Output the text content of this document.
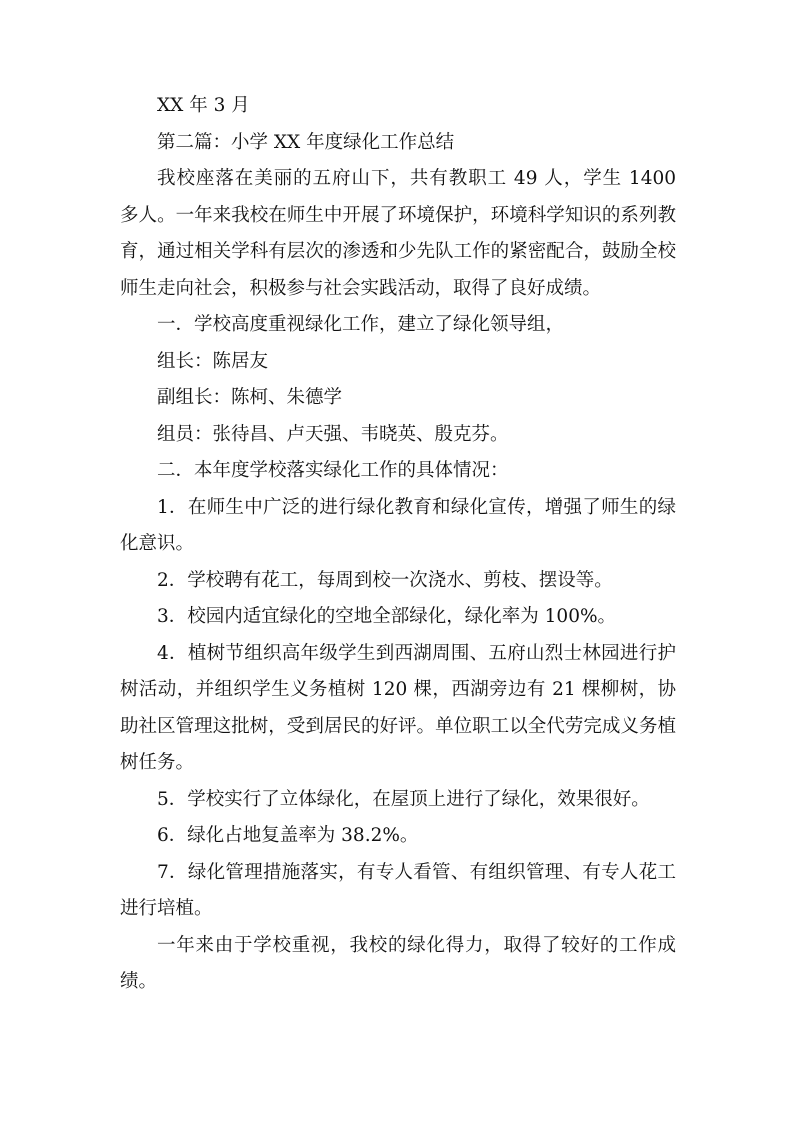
XX 年 3 月

第二篇：小学 XX 年度绿化工作总结

我校座落在美丽的五府山下，共有教职工 49 人，学生 1400 多人。一年来我校在师生中开展了环境保护，环境科学知识的系列教育，通过相关学科有层次的渗透和少先队工作的紧密配合，鼓励全校师生走向社会，积极参与社会实践活动，取得了良好成绩。

一．学校高度重视绿化工作，建立了绿化领导组，

组长：陈居友

副组长：陈柯、朱德学

组员：张待昌、卢天强、韦晓英、殷克芬。

二．本年度学校落实绿化工作的具体情况：

1．在师生中广泛的进行绿化教育和绿化宣传，增强了师生的绿化意识。

2．学校聘有花工，每周到校一次浇水、剪枝、摆设等。

3．校园内适宜绿化的空地全部绿化，绿化率为 100%。

4．植树节组织高年级学生到西湖周围、五府山烈士林园进行护树活动，并组织学生义务植树 120 棵，西湖旁边有 21 棵柳树，协助社区管理这批树，受到居民的好评。单位职工以全代劳完成义务植树任务。

5．学校实行了立体绿化，在屋顶上进行了绿化，效果很好。

6．绿化占地复盖率为 38.2%。

7．绿化管理措施落实，有专人看管、有组织管理、有专人花工进行培植。

一年来由于学校重视，我校的绿化得力，取得了较好的工作成绩。
